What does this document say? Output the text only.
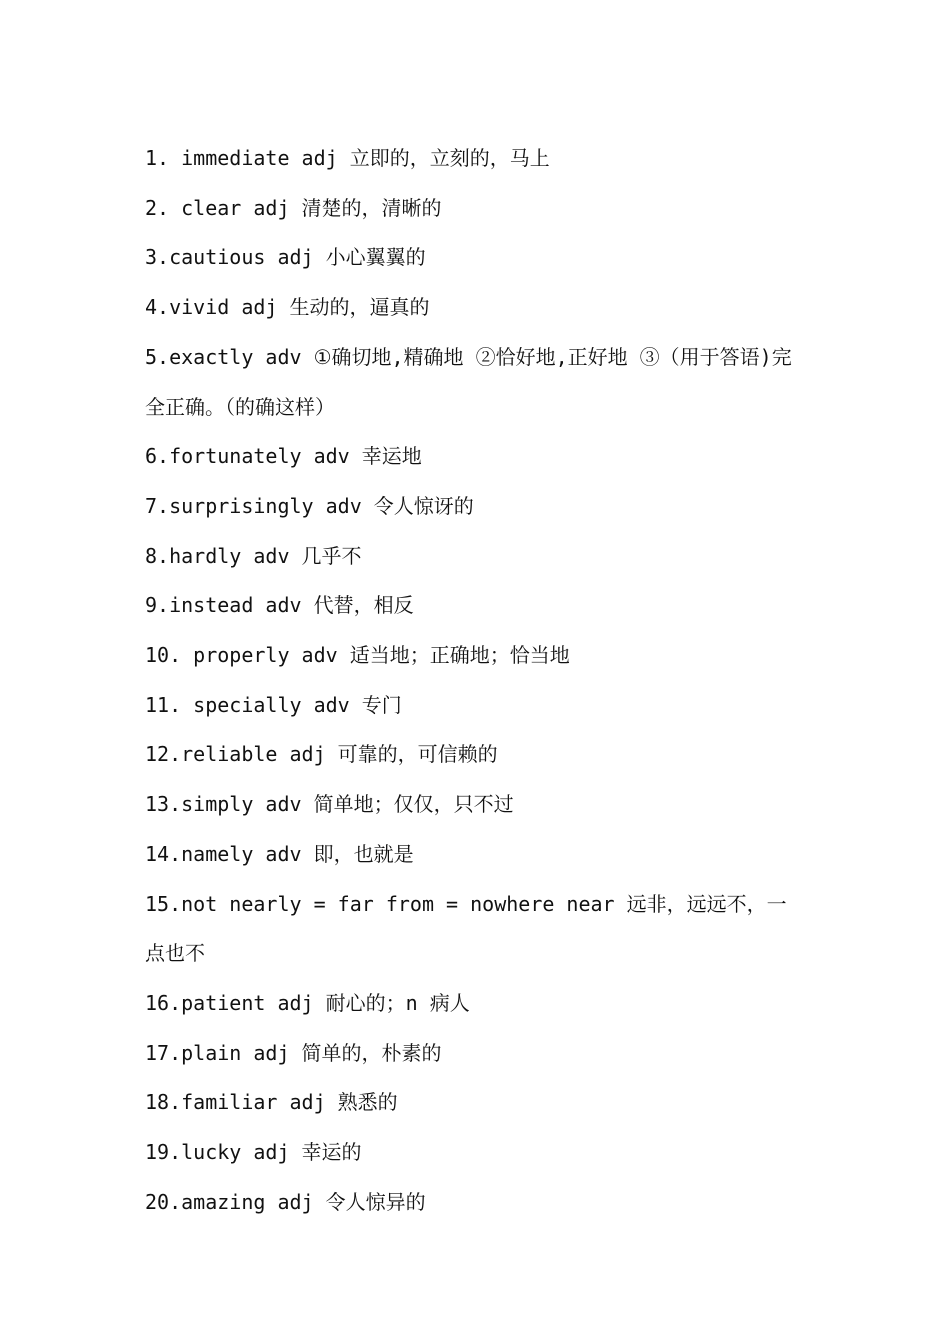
1. immediate adj 立即的，立刻的，马上
2. clear adj 清楚的，清晰的
3.cautious adj 小心翼翼的
4.vivid adj 生动的，逼真的
5.exactly adv ①确切地,精确地 ②恰好地,正好地 ③（用于答语)完全正确。（的确这样）
6.fortunately adv 幸运地
7.surprisingly adv 令人惊讶的
8.hardly adv 几乎不
9.instead adv 代替，相反
10. properly adv 适当地；正确地；恰当地
11. specially adv 专门
12.reliable adj 可靠的，可信赖的
13.simply adv 简单地；仅仅，只不过
14.namely adv 即，也就是
15.not nearly = far from = nowhere near 远非，远远不，一点也不
16.patient adj 耐心的；n 病人
17.plain adj 简单的，朴素的
18.familiar adj 熟悉的
19.lucky adj 幸运的
20.amazing adj 令人惊异的
